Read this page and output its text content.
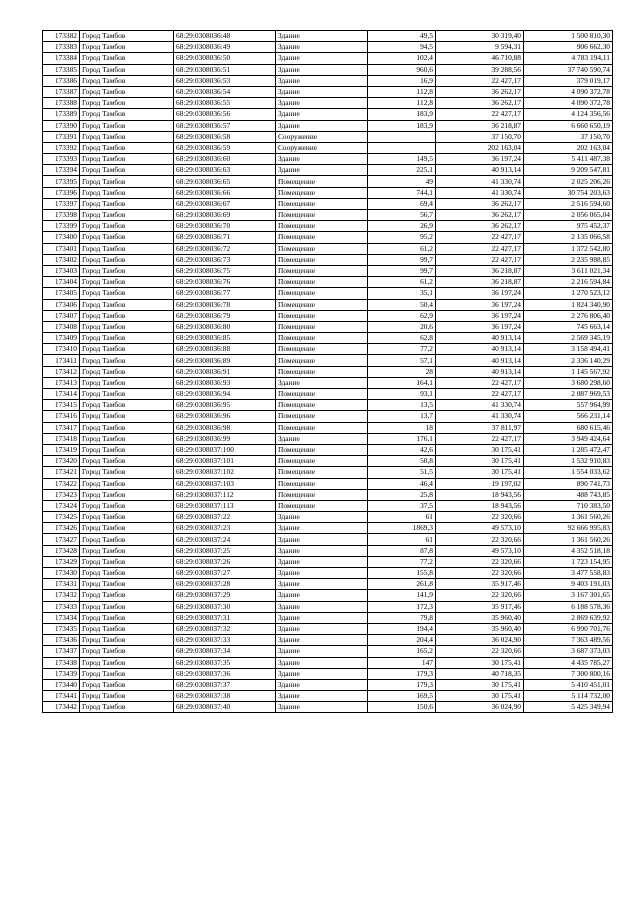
173382	Город Тамбов	68:29:0308036:48	Здание	49,5	30 319,40	1 500 810,30
173383	Город Тамбов	68:29:0308036:49	Здание	94,5	9 594,31	906 662,30
173384	Город Тамбов	68:29:0308036:50	Здание	102,4	46 710,88	4 783 194,11
173385	Город Тамбов	68:29:0308036:51	Здание	960,6	39 288,56	37 740 590,74
173386	Город Тамбов	68:29:0308036:53	Здание	16,9	22 427,17	379 019,17
173387	Город Тамбов	68:29:0308036:54	Здание	112,8	36 262,17	4 090 372,78
173388	Город Тамбов	68:29:0308036:55	Здание	112,8	36 262,17	4 090 372,78
173389	Город Тамбов	68:29:0308036:56	Здание	183,9	22 427,17	4 124 356,56
173390	Город Тамбов	68:29:0308036:57	Здание	183,9	36 218,87	6 660 650,19
173391	Город Тамбов	68:29:0308036:58	Сооружение		37 150,70	37 150,70
173392	Город Тамбов	68:29:0308036:59	Сооружение		202 163,04	202 163,04
173393	Город Тамбов	68:29:0308036:60	Здание	149,5	36 197,24	5 411 487,38
173394	Город Тамбов	68:29:0308036:63	Здание	225,1	40 913,14	9 209 547,81
173395	Город Тамбов	68:29:0308036:65	Помещение	49	41 330,74	2 025 206,26
173396	Город Тамбов	68:29:0308036:66	Помещение	744,1	41 330,74	30 754 203,63
173397	Город Тамбов	68:29:0308036:67	Помещение	69,4	36 262,17	2 516 594,60
173398	Город Тамбов	68:29:0308036:69	Помещение	56,7	36 262,17	2 056 065,04
173399	Город Тамбов	68:29:0308036:70	Помещение	26,9	36 262,17	975 452,37
173400	Город Тамбов	68:29:0308036:71	Помещение	95,2	22 427,17	2 135 066,58
173401	Город Тамбов	68:29:0308036:72	Помещение	61,2	22 427,17	1 372 542,80
173402	Город Тамбов	68:29:0308036:73	Помещение	99,7	22 427,17	2 235 988,85
173403	Город Тамбов	68:29:0308036:75	Помещение	99,7	36 218,87	3 611 021,34
173404	Город Тамбов	68:29:0308036:76	Помещение	61,2	36 218,87	2 216 594,84
173405	Город Тамбов	68:29:0308036:77	Помещение	35,1	36 197,24	1 270 523,12
173406	Город Тамбов	68:29:0308036:78	Помещение	50,4	36 197,24	1 824 340,90
173407	Город Тамбов	68:29:0308036:79	Помещение	62,9	36 197,24	2 276 806,40
173408	Город Тамбов	68:29:0308036:80	Помещение	20,6	36 197,24	745 663,14
173409	Город Тамбов	68:29:0308036:85	Помещение	62,8	40 913,14	2 569 345,19
173410	Город Тамбов	68:29:0308036:88	Помещение	77,2	40 913,14	3 158 494,41
173411	Город Тамбов	68:29:0308036:89	Помещение	57,1	40 913,14	2 336 140,29
173412	Город Тамбов	68:29:0308036:91	Помещение	28	40 913,14	1 145 567,92
173413	Город Тамбов	68:29:0308036:93	Здание	164,1	22 427,17	3 680 298,60
173414	Город Тамбов	68:29:0308036:94	Помещение	93,1	22 427,17	2 087 969,53
173415	Город Тамбов	68:29:0308036:95	Помещение	13,5	41 330,74	557 964,99
173416	Город Тамбов	68:29:0308036:96	Помещение	13,7	41 330,74	566 231,14
173417	Город Тамбов	68:29:0308036:98	Помещение	18	37 811,97	680 615,46
173418	Город Тамбов	68:29:0308036:99	Здание	176,1	22 427,17	3 949 424,64
173419	Город Тамбов	68:29:0308037:100	Помещение	42,6	30 175,41	1 285 472,47
173420	Город Тамбов	68:29:0308037:101	Помещение	50,8	30 175,41	1 532 910,83
173421	Город Тамбов	68:29:0308037:102	Помещение	51,5	30 175,41	1 554 033,62
173422	Город Тамбов	68:29:0308037:103	Помещение	46,4	19 197,02	890 741,73
173423	Город Тамбов	68:29:0308037:112	Помещение	25,8	18 943,56	488 743,85
173424	Город Тамбов	68:29:0308037:113	Помещение	37,5	18 943,56	710 383,50
173425	Город Тамбов	68:29:0308037:22	Здание	61	22 320,66	1 361 560,26
173426	Город Тамбов	68:29:0308037:23	Здание	1869,3	49 573,10	92 666 995,83
173427	Город Тамбов	68:29:0308037:24	Здание	61	22 320,66	1 361 560,26
173428	Город Тамбов	68:29:0308037:25	Здание	87,8	49 573,10	4 352 518,18
173429	Город Тамбов	68:29:0308037:26	Здание	77,2	22 320,66	1 723 154,95
173430	Город Тамбов	68:29:0308037:27	Здание	155,8	22 320,66	3 477 558,83
173431	Город Тамбов	68:29:0308037:28	Здание	261,8	35 917,46	9 403 191,03
173432	Город Тамбов	68:29:0308037:29	Здание	141,9	22 320,66	3 167 301,65
173433	Город Тамбов	68:29:0308037:30	Здание	172,3	35 917,46	6 188 578,36
173434	Город Тамбов	68:29:0308037:31	Здание	79,8	35 960,40	2 869 639,92
173435	Город Тамбов	68:29:0308037:32	Здание	194,4	35 960,40	6 990 701,76
173436	Город Тамбов	68:29:0308037:33	Здание	204,4	36 024,90	7 363 489,56
173437	Город Тамбов	68:29:0308037:34	Здание	165,2	22 320,66	3 687 373,03
173438	Город Тамбов	68:29:0308037:35	Здание	147	30 175,41	4 435 785,27
173439	Город Тамбов	68:29:0308037:36	Здание	179,3	40 718,35	7 300 800,16
173440	Город Тамбов	68:29:0308037:37	Здание	179,3	30 175,41	5 410 451,01
173441	Город Тамбов	68:29:0308037:38	Здание	169,5	30 175,41	5 114 732,00
173442	Город Тамбов	68:29:0308037:40	Здание	150,6	36 024,90	5 425 349,94
